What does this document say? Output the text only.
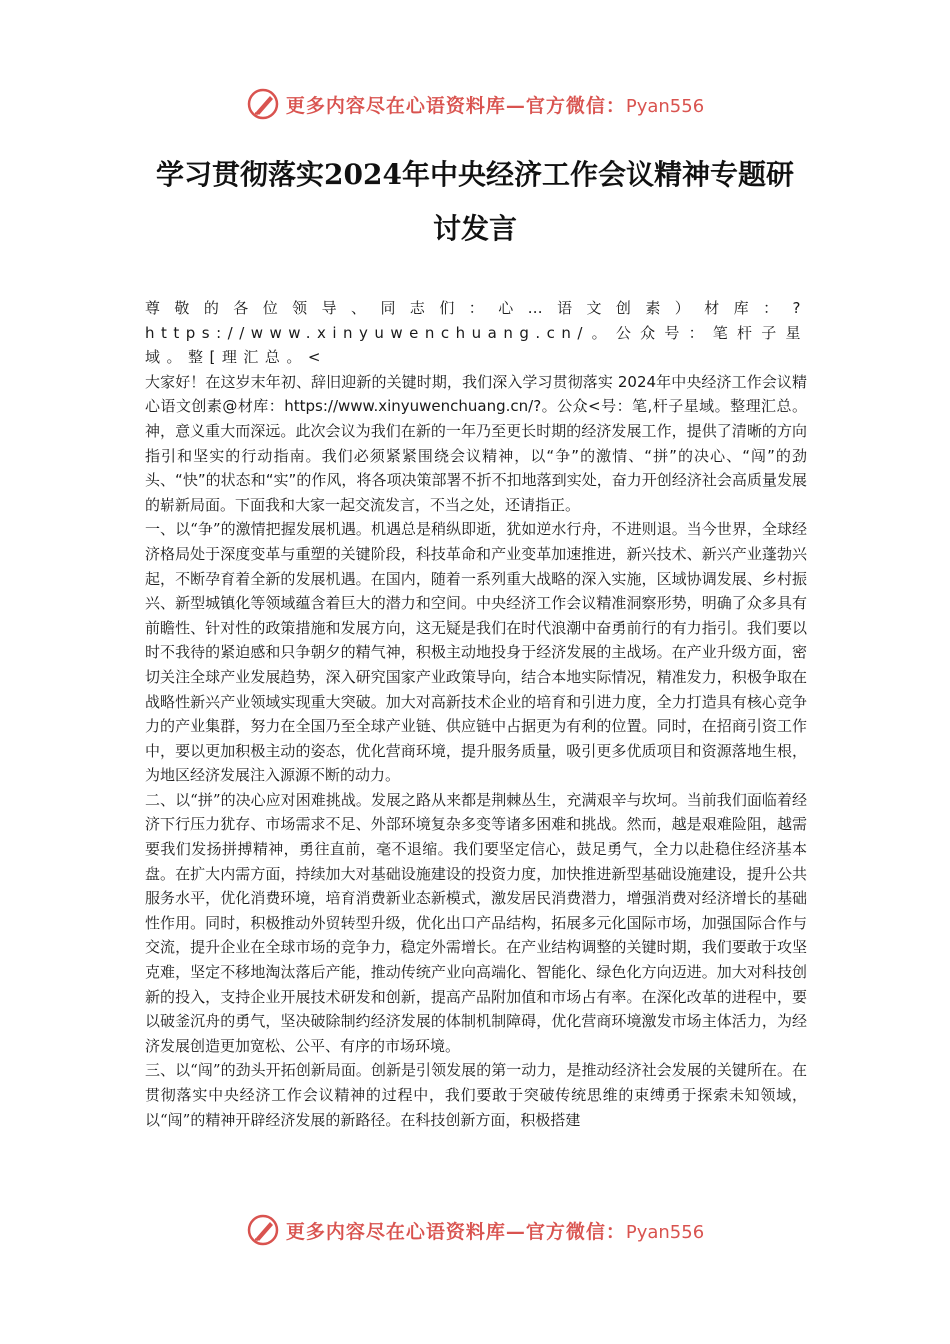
更多内容尽在心语资料库—官方微信：Pyan556
学习贯彻落实2024年中央经济工作会议精神专题研
讨发言

尊敬的各位领导、同志们：心…语文创素）材库：?https://www.xinyuwenchuang.cn/。公众号：笔杆子星域。整[理汇总。<

大家好！在这岁末年初、辞旧迎新的关键时期，我们深入学习贯彻落实 2024年中央经济工作会议精心语文创素@材库：https://www.xinyuwenchuang.cn/?。公众<号：笔,杆子星域。整理汇总。神，意义重大而深远。此次会议为我们在新的一年乃至更长时期的经济发展工作，提供了清晰的方向指引和坚实的行动指南。我们必须紧紧围绕会议精神，以“争”的激情、“拼”的决心、“闯”的劲头、“快”的状态和“实”的作风，将各项决策部署不折不扣地落到实处，奋力开创经济社会高质量发展的崭新局面。下面我和大家一起交流发言，不当之处，还请指正。

一、以“争”的激情把握发展机遇。机遇总是稍纵即逝，犹如逆水行舟，不进则退。当今世界，全球经济格局处于深度变革与重塑的关键阶段，科技革命和产业变革加速推进，新兴技术、新兴产业蓬勃兴起，不断孕育着全新的发展机遇。在国内，随着一系列重大战略的深入实施，区域协调发展、乡村振兴、新型城镇化等领域蕴含着巨大的潜力和空间。中央经济工作会议精准洞察形势，明确了众多具有前瞻性、针对性的政策措施和发展方向，这无疑是我们在时代浪潮中奋勇前行的有力指引。我们要以时不我待的紧迫感和只争朝夕的精气神，积极主动地投身于经济发展的主战场。在产业升级方面，密切关注全球产业发展趋势，深入研究国家产业政策导向，结合本地实际情况，精准发力，积极争取在战略性新兴产业领域实现重大突破。加大对高新技术企业的培育和引进力度，全力打造具有核心竞争力的产业集群，努力在全国乃至全球产业链、供应链中占据更为有利的位置。同时，在招商引资工作中，要以更加积极主动的姿态，优化营商环境，提升服务质量，吸引更多优质项目和资源落地生根，为地区经济发展注入源源不断的动力。

二、以“拼”的决心应对困难挑战。发展之路从来都是荆棘丛生，充满艰辛与坎坷。当前我们面临着经济下行压力犹存、市场需求不足、外部环境复杂多变等诸多困难和挑战。然而，越是艰难险阻，越需要我们发扬拼搏精神，勇往直前，毫不退缩。我们要坚定信心，鼓足勇气，全力以赴稳住经济基本盘。在扩大内需方面，持续加大对基础设施建设的投资力度，加快推进新型基础设施建设，提升公共服务水平，优化消费环境，培育消费新业态新模式，激发居民消费潜力，增强消费对经济增长的基础性作用。同时，积极推动外贸转型升级，优化出口产品结构，拓展多元化国际市场，加强国际合作与交流，提升企业在全球市场的竞争力，稳定外需增长。在产业结构调整的关键时期，我们要敢于攻坚克难，坚定不移地淘汰落后产能，推动传统产业向高端化、智能化、绿色化方向迈进。加大对科技创新的投入，支持企业开展技术研发和创新，提高产品附加值和市场占有率。在深化改革的进程中，要以破釜沉舟的勇气，坚决破除制约经济发展的体制机制障碍，优化营商环境激发市场主体活力，为经济发展创造更加宽松、公平、有序的市场环境。

三、以“闯”的劲头开拓创新局面。创新是引领发展的第一动力，是推动经济社会发展的关键所在。在贯彻落实中央经济工作会议精神的过程中，我们要敢于突破传统思维的束缚勇于探索未知领域，以“闯”的精神开辟经济发展的新路径。在科技创新方面，积极搭建

更多内容尽在心语资料库—官方微信：Pyan556
